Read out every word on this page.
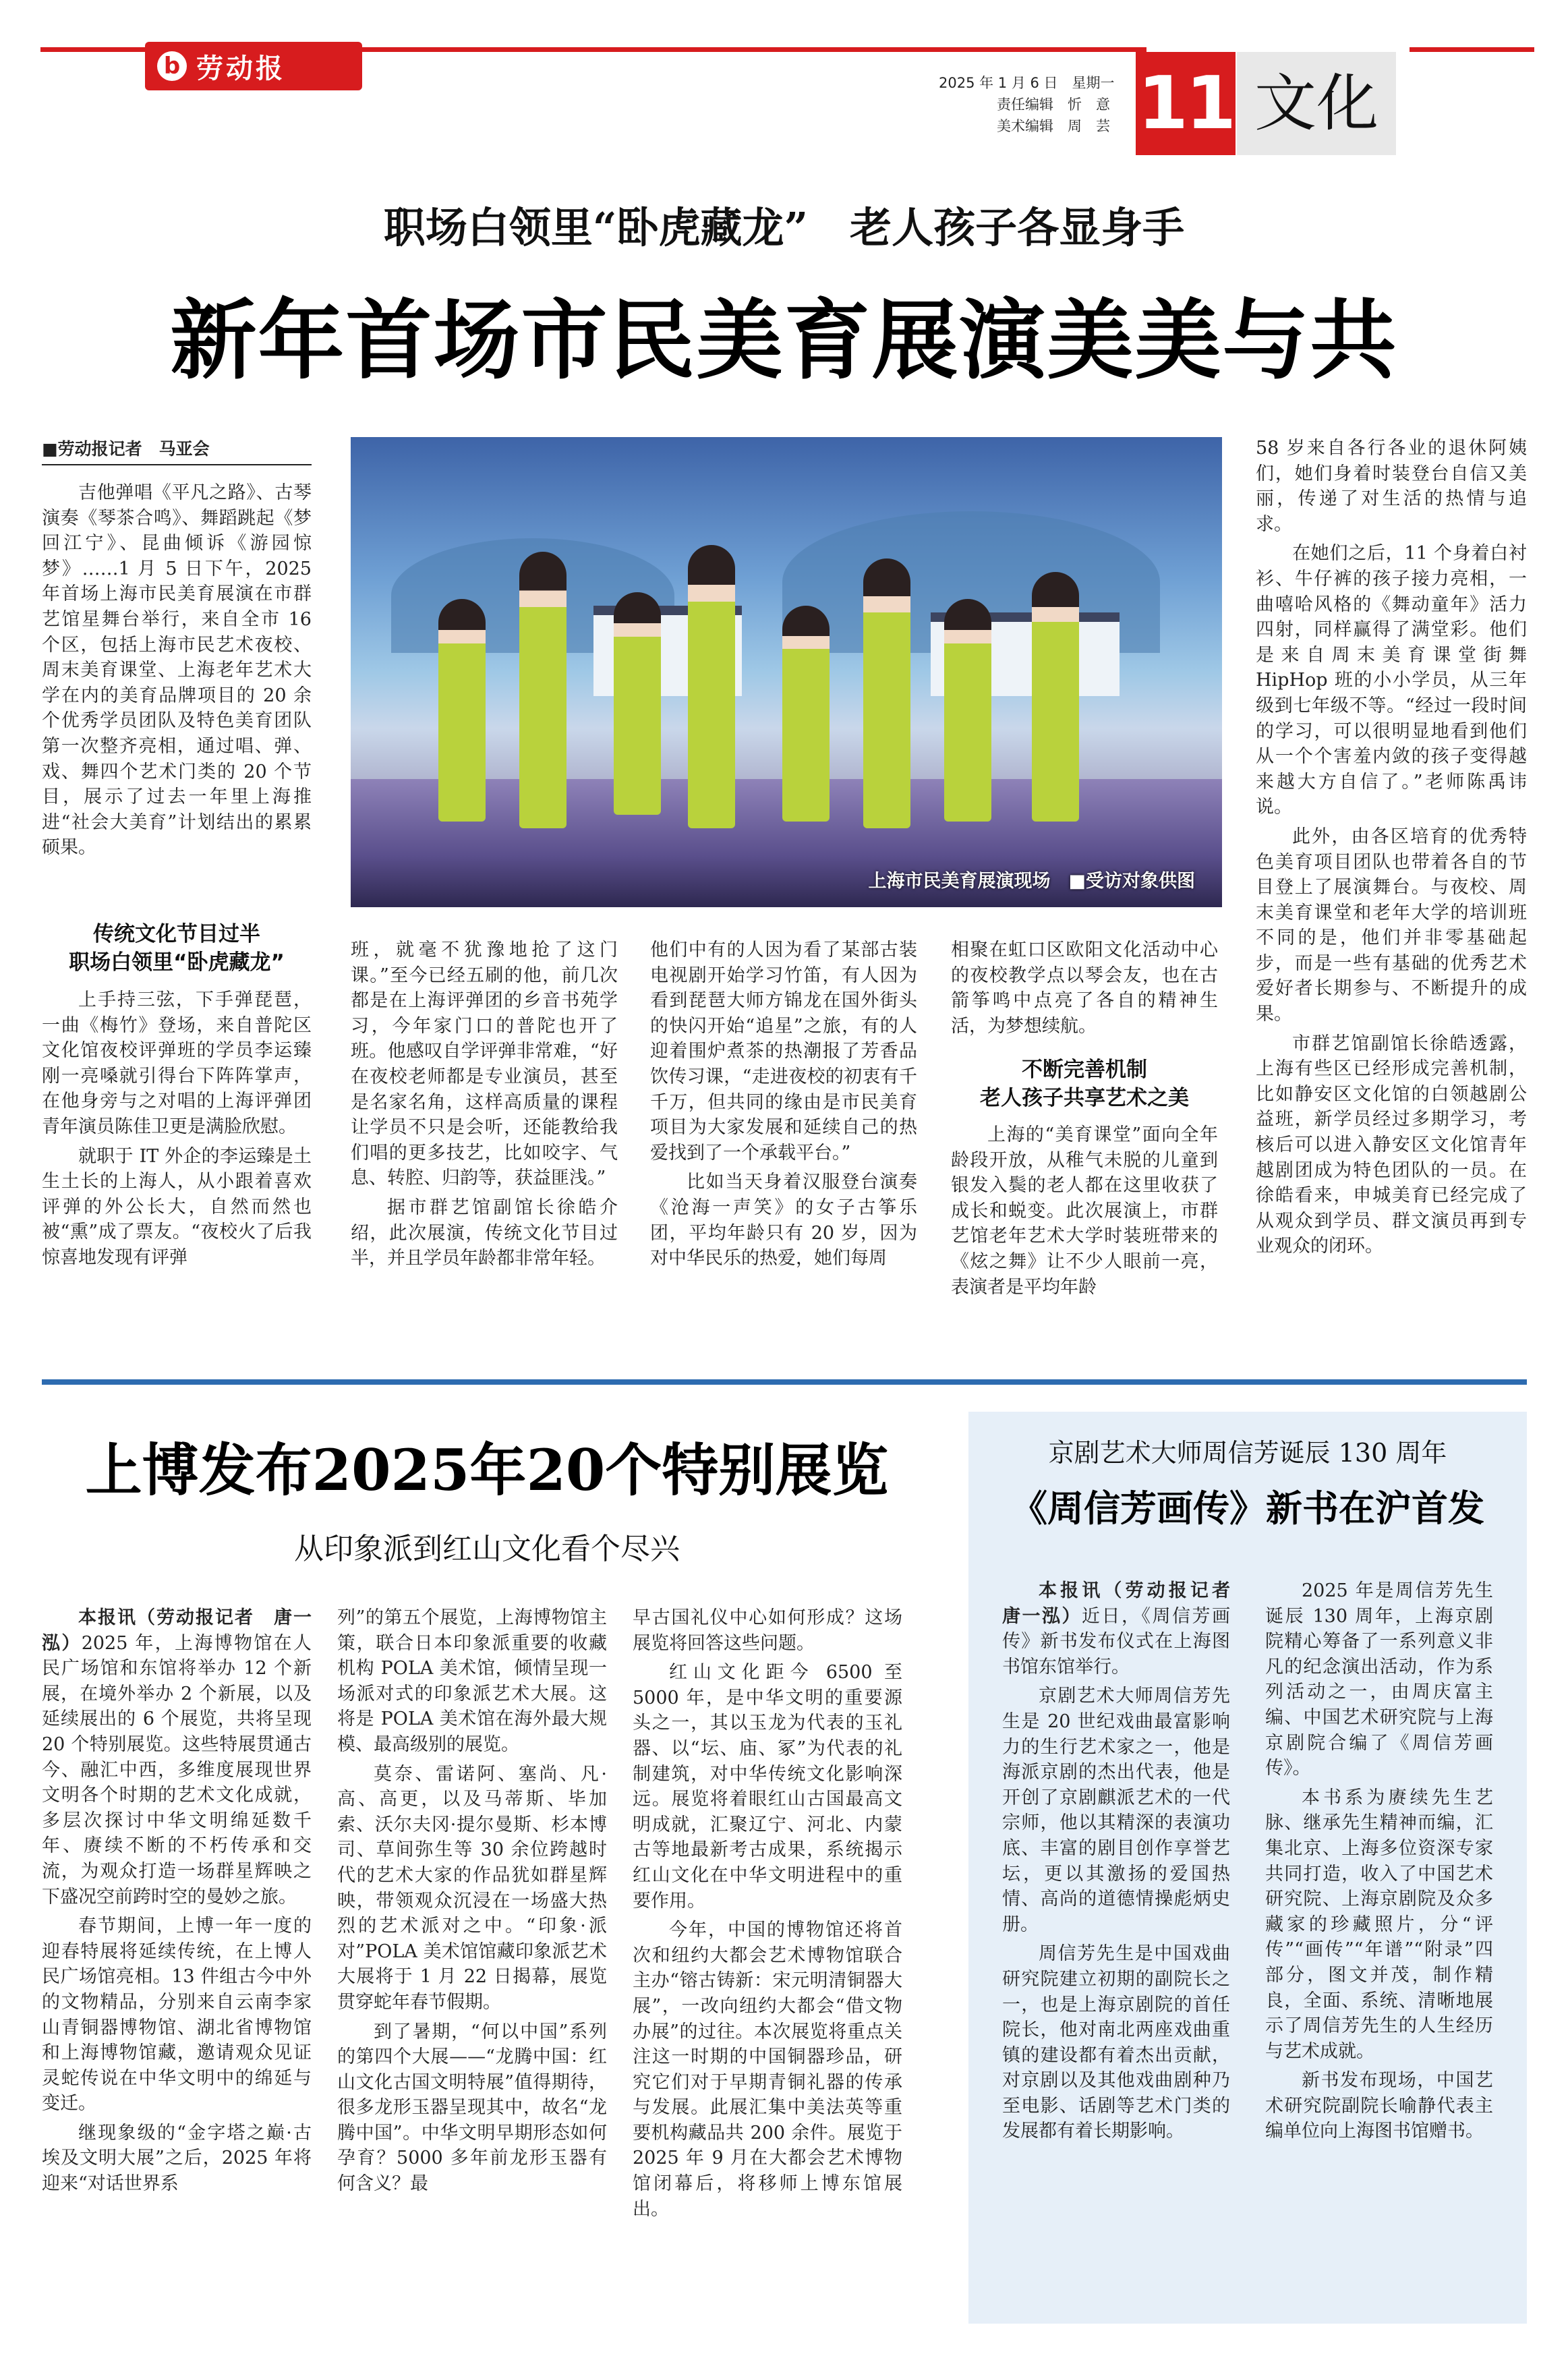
b 劳动报	2025 年 1 月 6 日　星期一
责任编辑　忻　意
美术编辑　周　芸 11 文化
职场白领里“卧虎藏龙”　老人孩子各显身手
新年首场市民美育展演美美与共
■劳动报记者　马亚会

吉他弹唱《平凡之路》、古琴演奏《琴茶合鸣》、舞蹈跳起《梦回江宁》、昆曲倾诉《游园惊梦》……1 月 5 日下午，2025 年首场上海市民美育展演在市群艺馆星舞台举行，来自全市 16 个区，包括上海市民艺术夜校、周末美育课堂、上海老年艺术大学在内的美育品牌项目的 20 余个优秀学员团队及特色美育团队第一次整齐亮相，通过唱、弹、戏、舞四个艺术门类的 20 个节目，展示了过去一年里上海推进“社会大美育”计划结出的累累硕果。

上海市民美育展演现场　■受访对象供图

58 岁来自各行各业的退休阿姨们，她们身着时装登台自信又美丽，传递了对生活的热情与追求。

在她们之后，11 个身着白衬衫、牛仔裤的孩子接力亮相，一曲嘻哈风格的《舞动童年》活力四射，同样赢得了满堂彩。他们是来自周末美育课堂街舞 HipHop 班的小小学员，从三年级到七年级不等。“经过一段时间的学习，可以很明显地看到他们从一个个害羞内敛的孩子变得越来越大方自信了。”老师陈禹讳说。

此外，由各区培育的优秀特色美育项目团队也带着各自的节目登上了展演舞台。与夜校、周末美育课堂和老年大学的培训班不同的是，他们并非零基础起步，而是一些有基础的优秀艺术爱好者长期参与、不断提升的成果。

市群艺馆副馆长徐皓透露，上海有些区已经形成完善机制，比如静安区文化馆的白领越剧公益班，新学员经过多期学习，考核后可以进入静安区文化馆青年越剧团成为特色团队的一员。在徐皓看来，申城美育已经完成了从观众到学员、群文演员再到专业观众的闭环。

传统文化节目过半
职场白领里“卧虎藏龙”

上手持三弦，下手弹琵琶，一曲《梅竹》登场，来自普陀区文化馆夜校评弹班的学员李运臻刚一亮嗓就引得台下阵阵掌声，在他身旁与之对唱的上海评弹团青年演员陈佳卫更是满脸欣慰。

就职于 IT 外企的李运臻是土生土长的上海人，从小跟着喜欢评弹的外公长大，自然而然也被“熏”成了票友。“夜校火了后我惊喜地发现有评弹

班，就毫不犹豫地抢了这门课。”至今已经五刷的他，前几次都是在上海评弹团的乡音书苑学习，今年家门口的普陀也开了班。他感叹自学评弹非常难，“好在夜校老师都是专业演员，甚至是名家名角，这样高质量的课程让学员不只是会听，还能教给我们唱的更多技艺，比如咬字、气息、转腔、归韵等，获益匪浅。”

据市群艺馆副馆长徐皓介绍，此次展演，传统文化节目过半，并且学员年龄都非常年轻。

他们中有的人因为看了某部古装电视剧开始学习竹笛，有人因为看到琵琶大师方锦龙在国外街头的快闪开始“追星”之旅，有的人迎着围炉煮茶的热潮报了芳香品饮传习课，“走进夜校的初衷有千千万，但共同的缘由是市民美育项目为大家发展和延续自己的热爱找到了一个承载平台。”

比如当天身着汉服登台演奏《沧海一声笑》的女子古筝乐团，平均年龄只有 20 岁，因为对中华民乐的热爱，她们每周

相聚在虹口区欧阳文化活动中心的夜校教学点以琴会友，也在古箭筝鸣中点亮了各自的精神生活，为梦想续航。

不断完善机制
老人孩子共享艺术之美

上海的“美育课堂”面向全年龄段开放，从稚气未脱的儿童到银发入鬓的老人都在这里收获了成长和蜕变。此次展演上，市群艺馆老年艺术大学时装班带来的《炫之舞》让不少人眼前一亮，表演者是平均年龄

上博发布2025年20个特别展览
从印象派到红山文化看个尽兴

本报讯（劳动报记者　唐一泓）2025 年，上海博物馆在人民广场馆和东馆将举办 12 个新展，在境外举办 2 个新展，以及延续展出的 6 个展览，共将呈现 20 个特别展览。这些特展贯通古今、融汇中西，多维度展现世界文明各个时期的艺术文化成就，多层次探讨中华文明绵延数千年、赓续不断的不朽传承和交流，为观众打造一场群星辉映之下盛况空前跨时空的曼妙之旅。

春节期间，上博一年一度的迎春特展将延续传统，在上博人民广场馆亮相。13 件组古今中外的文物精品，分别来自云南李家山青铜器博物馆、湖北省博物馆和上海博物馆藏，邀请观众见证灵蛇传说在中华文明中的绵延与变迁。

继现象级的“金字塔之巅·古埃及文明大展”之后，2025 年将迎来“对话世界系

列”的第五个展览，上海博物馆主策，联合日本印象派重要的收藏机构 POLA 美术馆，倾情呈现一场派对式的印象派艺术大展。这将是 POLA 美术馆在海外最大规模、最高级别的展览。

莫奈、雷诺阿、塞尚、凡·高、高更，以及马蒂斯、毕加索、沃尔夫冈·提尔曼斯、杉本博司、草间弥生等 30 余位跨越时代的艺术大家的作品犹如群星辉映，带领观众沉浸在一场盛大热烈的艺术派对之中。“印象·派对”POLA 美术馆馆藏印象派艺术大展将于 1 月 22 日揭幕，展览贯穿蛇年春节假期。

到了暑期，“何以中国”系列的第四个大展——“龙腾中国：红山文化古国文明特展”值得期待，很多龙形玉器呈现其中，故名“龙腾中国”。中华文明早期形态如何孕育？5000 多年前龙形玉器有何含义？最

早古国礼仪中心如何形成？这场展览将回答这些问题。

红山文化距今 6500 至 5000 年，是中华文明的重要源头之一，其以玉龙为代表的玉礼器、以“坛、庙、冢”为代表的礼制建筑，对中华传统文化影响深远。展览将着眼红山古国最高文明成就，汇聚辽宁、河北、内蒙古等地最新考古成果，系统揭示红山文化在中华文明进程中的重要作用。

今年，中国的博物馆还将首次和纽约大都会艺术博物馆联合主办“镕古铸新：宋元明清铜器大展”，一改向纽约大都会“借文物办展”的过往。本次展览将重点关注这一时期的中国铜器珍品，研究它们对于早期青铜礼器的传承与发展。此展汇集中美法英等重要机构藏品共 200 余件。展览于 2025 年 9 月在大都会艺术博物馆闭幕后，将移师上博东馆展出。

京剧艺术大师周信芳诞辰 130 周年
《周信芳画传》新书在沪首发

本报讯（劳动报记者　唐一泓）近日，《周信芳画传》新书发布仪式在上海图书馆东馆举行。

京剧艺术大师周信芳先生是 20 世纪戏曲最富影响力的生行艺术家之一，他是海派京剧的杰出代表，他是开创了京剧麒派艺术的一代宗师，他以其精深的表演功底、丰富的剧目创作享誉艺坛，更以其激扬的爱国热情、高尚的道德情操彪炳史册。

周信芳先生是中国戏曲研究院建立初期的副院长之一，也是上海京剧院的首任院长，他对南北两座戏曲重镇的建设都有着杰出贡献，对京剧以及其他戏曲剧种乃至电影、话剧等艺术门类的发展都有着长期影响。

2025 年是周信芳先生诞辰 130 周年，上海京剧院精心筹备了一系列意义非凡的纪念演出活动，作为系列活动之一，由周庆富主编、中国艺术研究院与上海京剧院合编了《周信芳画传》。

本书系为赓续先生艺脉、继承先生精神而编，汇集北京、上海多位资深专家共同打造，收入了中国艺术研究院、上海京剧院及众多藏家的珍藏照片，分“评传”“画传”“年谱”“附录”四部分，图文并茂，制作精良，全面、系统、清晰地展示了周信芳先生的人生经历与艺术成就。

新书发布现场，中国艺术研究院副院长喻静代表主编单位向上海图书馆赠书。
